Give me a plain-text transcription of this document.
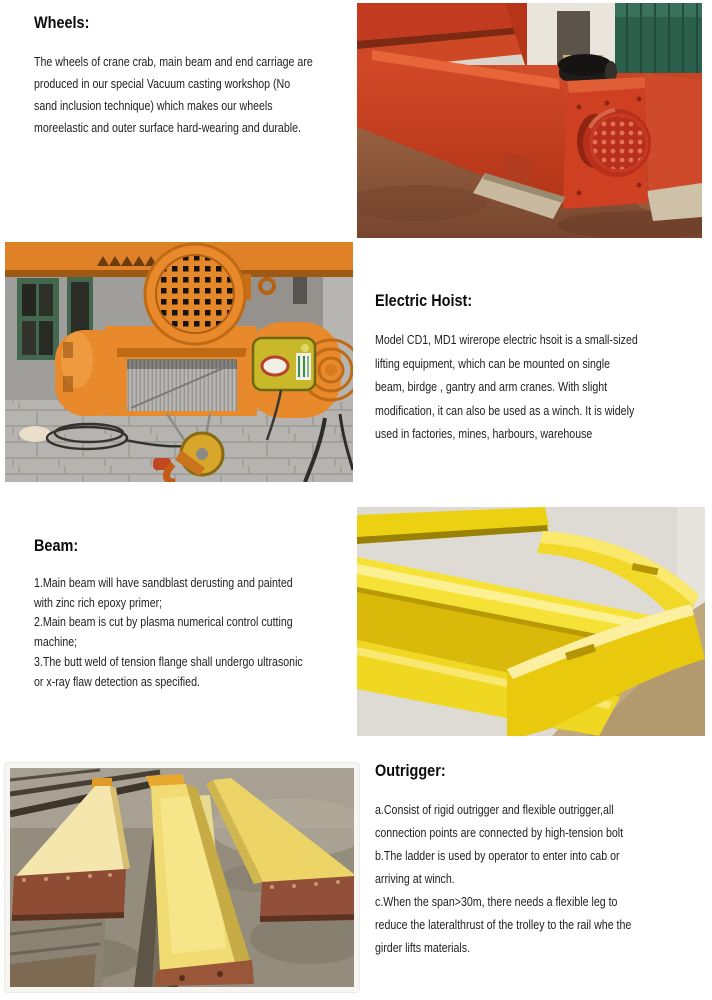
Wheels:
The wheels of crane crab, main beam and end carriage are
produced in our special Vacuum casting workshop (No
sand inclusion technique) which makes our wheels
moreelastic and outer surface hard-wearing and durable.
Electric Hoist:
Model CD1, MD1 wirerope electric hsoit is a small-sized
lifting equipment, which can be mounted on single
beam, birdge , gantry and arm cranes. With slight
modification, it can also be used as a winch. It is widely
used in factories, mines, harbours, warehouse
Beam:
1.Main beam will have sandblast derusting and painted
with zinc rich epoxy primer;
2.Main beam is cut by plasma numerical control cutting
machine;
3.The butt weld of tension flange shall undergo ultrasonic
or x-ray flaw detection as specified.
Outrigger:
a.Consist of rigid outrigger and flexible outrigger,all
connection points are connected by high-tension bolt
b.The ladder is used by operator to enter into cab or
arriving at winch.
c.When the span>30m, there needs a flexible leg to
reduce the lateralthrust of the trolley to the rail whe the
girder lifts materials.
